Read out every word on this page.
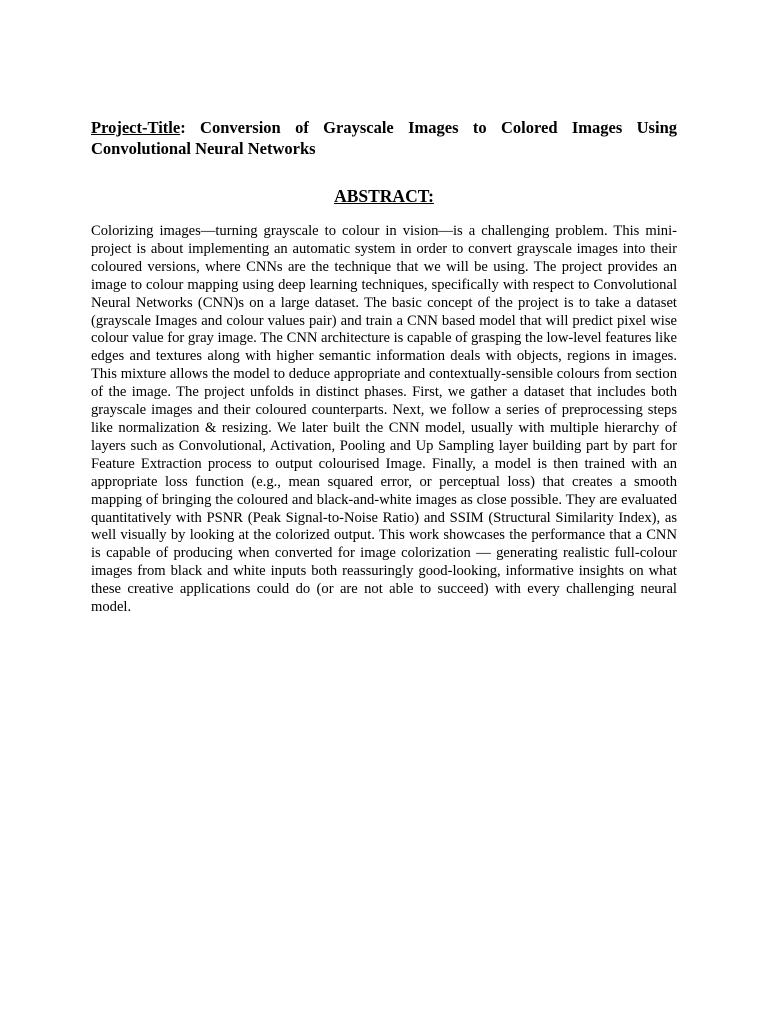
Project-Title: Conversion of Grayscale Images to Colored Images Using Convolutional Neural Networks
ABSTRACT:

Colorizing images—turning grayscale to colour in vision—is a challenging problem. This mini-project is about implementing an automatic system in order to convert grayscale images into their coloured versions, where CNNs are the technique that we will be using. The project provides an image to colour mapping using deep learning techniques, specifically with respect to Convolutional Neural Networks (CNN)s on a large dataset. The basic concept of the project is to take a dataset (grayscale Images and colour values pair) and train a CNN based model that will predict pixel wise colour value for gray image. The CNN architecture is capable of grasping the low-level features like edges and textures along with higher semantic information deals with objects, regions in images. This mixture allows the model to deduce appropriate and contextually-sensible colours from section of the image. The project unfolds in distinct phases. First, we gather a dataset that includes both grayscale images and their coloured counterparts. Next, we follow a series of preprocessing steps like normalization & resizing. We later built the CNN model, usually with multiple hierarchy of layers such as Convolutional, Activation, Pooling and Up Sampling layer building part by part for Feature Extraction process to output colourised Image. Finally, a model is then trained with an appropriate loss function (e.g., mean squared error, or perceptual loss) that creates a smooth mapping of bringing the coloured and black-and-white images as close possible. They are evaluated quantitatively with PSNR (Peak Signal-to-Noise Ratio) and SSIM (Structural Similarity Index), as well visually by looking at the colorized output. This work showcases the performance that a CNN is capable of producing when converted for image colorization — generating realistic full-colour images from black and white inputs both reassuringly good-looking, informative insights on what these creative applications could do (or are not able to succeed) with every challenging neural model.
